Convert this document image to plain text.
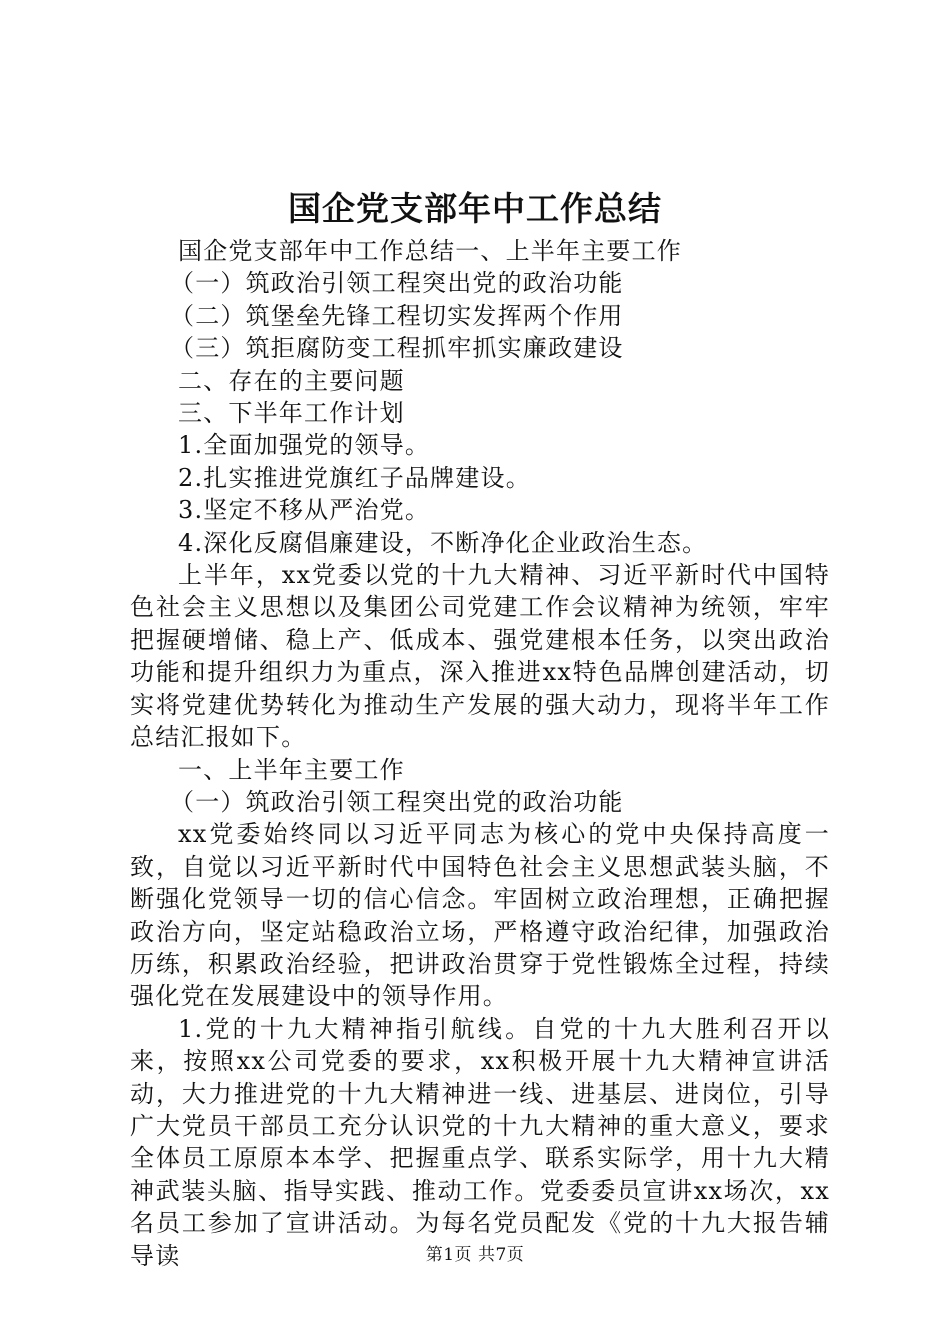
国企党支部年中工作总结

国企党支部年中工作总结一、上半年主要工作

（一）筑政治引领工程突出党的政治功能

（二）筑堡垒先锋工程切实发挥两个作用

（三）筑拒腐防变工程抓牢抓实廉政建设

二、存在的主要问题

三、下半年工作计划

1.全面加强党的领导。

2.扎实推进党旗红子品牌建设。

3.坚定不移从严治党。

4.深化反腐倡廉建设，不断净化企业政治生态。

上半年，xx党委以党的十九大精神、习近平新时代中国特色社会主义思想以及集团公司党建工作会议精神为统领，牢牢把握硬增储、稳上产、低成本、强党建根本任务，以突出政治功能和提升组织力为重点，深入推进xx特色品牌创建活动，切实将党建优势转化为推动生产发展的强大动力，现将半年工作总结汇报如下。

一、上半年主要工作

（一）筑政治引领工程突出党的政治功能

xx党委始终同以习近平同志为核心的党中央保持高度一致，自觉以习近平新时代中国特色社会主义思想武装头脑，不断强化党领导一切的信心信念。牢固树立政治理想，正确把握政治方向，坚定站稳政治立场，严格遵守政治纪律，加强政治历练，积累政治经验，把讲政治贯穿于党性锻炼全过程，持续强化党在发展建设中的领导作用。

1.党的十九大精神指引航线。自党的十九大胜利召开以来，按照xx公司党委的要求，xx积极开展十九大精神宣讲活动，大力推进党的十九大精神进一线、进基层、进岗位，引导广大党员干部员工充分认识党的十九大精神的重大意义，要求全体员工原原本本学、把握重点学、联系实际学，用十九大精神武装头脑、指导实践、推动工作。党委委员宣讲xx场次，xx名员工参加了宣讲活动。为每名党员配发《党的十九大报告辅导读	第1页 共7页
